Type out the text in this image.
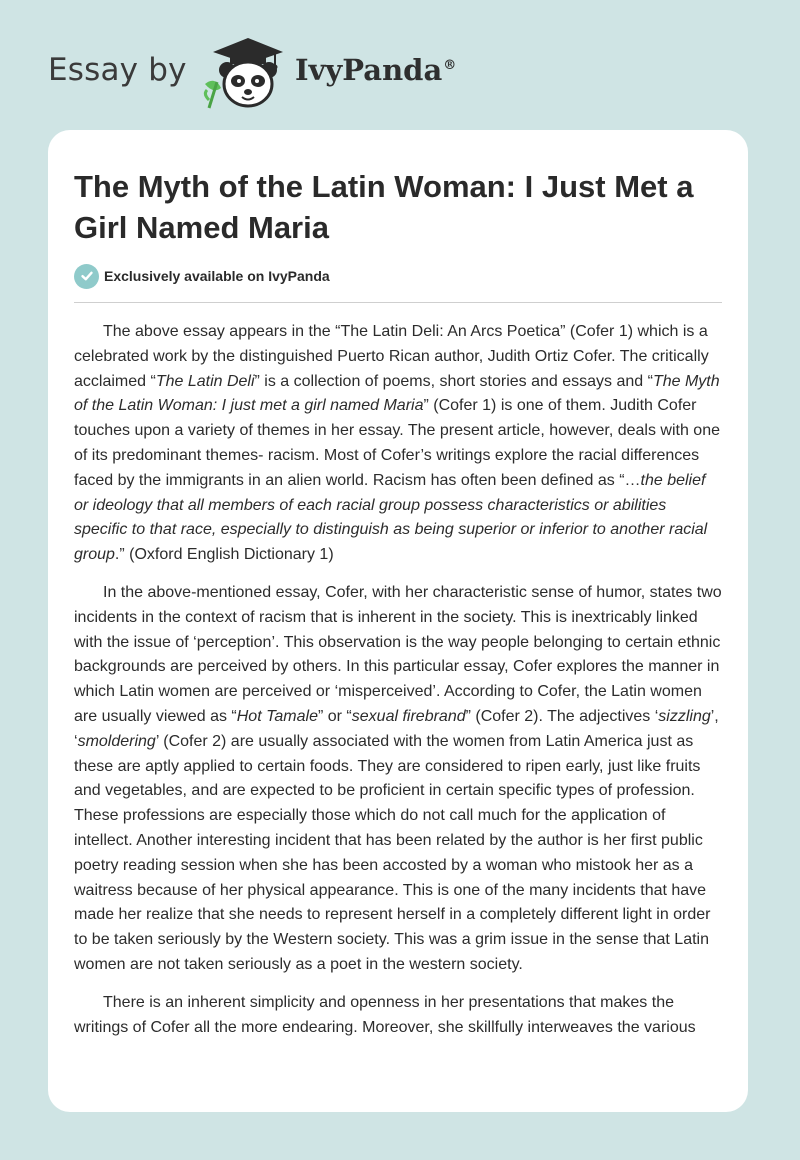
Essay by	IvyPanda®
The Myth of the Latin Woman: I Just Met a Girl Named Maria
Exclusively available on IvyPanda

The above essay appears in the “The Latin Deli: An Arcs Poetica” (Cofer 1) which is a celebrated work by the distinguished Puerto Rican author, Judith Ortiz Cofer. The critically acclaimed “The Latin Deli” is a collection of poems, short stories and essays and “The Myth of the Latin Woman: I just met a girl named Maria” (Cofer 1) is one of them. Judith Cofer touches upon a variety of themes in her essay. The present article, however, deals with one of its predominant themes- racism. Most of Cofer’s writings explore the racial differences faced by the immigrants in an alien world. Racism has often been defined as “…the belief or ideology that all members of each racial group possess characteristics or abilities specific to that race, especially to distinguish as being superior or inferior to another racial group.” (Oxford English Dictionary 1)

In the above-mentioned essay, Cofer, with her characteristic sense of humor, states two incidents in the context of racism that is inherent in the society. This is inextricably linked with the issue of ‘perception’. This observation is the way people belonging to certain ethnic backgrounds are perceived by others. In this particular essay, Cofer explores the manner in which Latin women are perceived or ‘misperceived’. According to Cofer, the Latin women are usually viewed as “Hot Tamale” or “sexual firebrand” (Cofer 2). The adjectives ‘sizzling’, ‘smoldering’ (Cofer 2) are usually associated with the women from Latin America just as these are aptly applied to certain foods. They are considered to ripen early, just like fruits and vegetables, and are expected to be proficient in certain specific types of profession. These professions are especially those which do not call much for the application of intellect. Another interesting incident that has been related by the author is her first public poetry reading session when she has been accosted by a woman who mistook her as a waitress because of her physical appearance. This is one of the many incidents that have made her realize that she needs to represent herself in a completely different light in order to be taken seriously by the Western society. This was a grim issue in the sense that Latin women are not taken seriously as a poet in the western society.

There is an inherent simplicity and openness in her presentations that makes the writings of Cofer all the more endearing. Moreover, she skillfully interweaves the various
